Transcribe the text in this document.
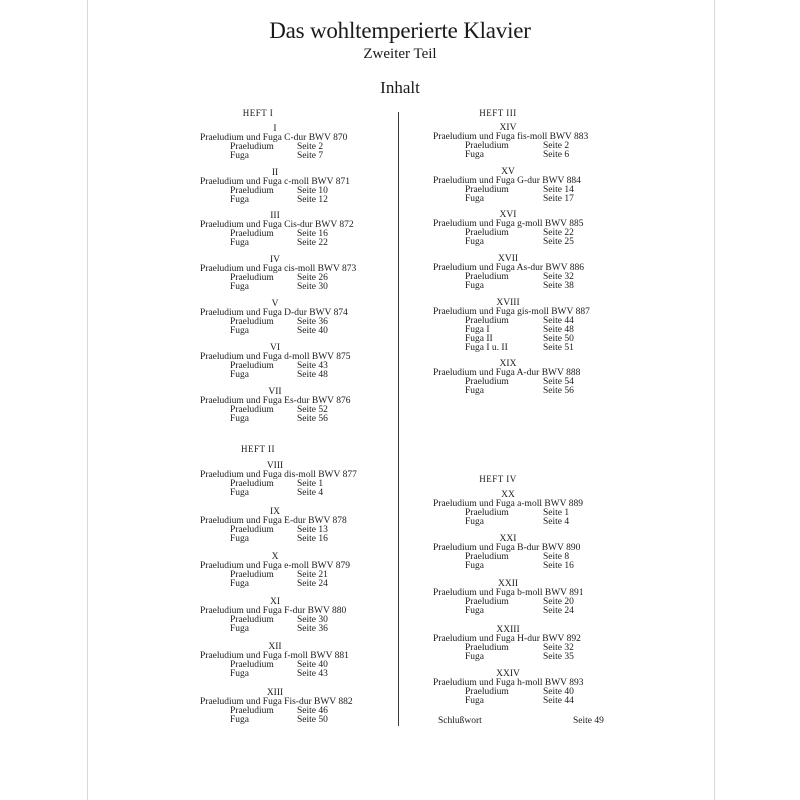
Das wohltemperierte Klavier
Zweiter Teil
Inhalt
HEFT I
I
Praeludium und Fuga C-dur BWV 870
Praeludium Seite 2
Fuga	Seite 7
II
Praeludium und Fuga c-moll BWV 871
Praeludium Seite 10
Fuga	Seite 12
III
Praeludium und Fuga Cis-dur BWV 872
Praeludium Seite 16
Fuga	Seite 22
IV
Praeludium und Fuga cis-moll BWV 873
Praeludium Seite 26
Fuga	Seite 30
V
Praeludium und Fuga D-dur BWV 874
Praeludium Seite 36
Fuga	Seite 40
VI
Praeludium und Fuga d-moll BWV 875
Praeludium Seite 43
Fuga	Seite 48
VII
Praeludium und Fuga Es-dur BWV 876
Praeludium Seite 52
Fuga	Seite 56
HEFT II
VIII
Praeludium und Fuga dis-moll BWV 877
Praeludium Seite 1
Fuga	Seite 4
IX
Praeludium und Fuga E-dur BWV 878
Praeludium Seite 13
Fuga	Seite 16
X
Praeludium und Fuga e-moll BWV 879
Praeludium Seite 21
Fuga	Seite 24
XI
Praeludium und Fuga F-dur BWV 880
Praeludium Seite 30
Fuga	Seite 36
XII
Praeludium und Fuga f-moll BWV 881
Praeludium Seite 40
Fuga	Seite 43
XIII
Praeludium und Fuga Fis-dur BWV 882
Praeludium Seite 46
Fuga	Seite 50
HEFT III
XIV
Praeludium und Fuga fis-moll BWV 883
Praeludium	Seite 2
Fuga	Seite 6
XV
Praeludium und Fuga G-dur BWV 884
Praeludium	Seite 14
Fuga	Seite 17
XVI
Praeludium und Fuga g-moll BWV 885
Praeludium	Seite 22
Fuga	Seite 25
XVII
Praeludium und Fuga As-dur BWV 886
Praeludium	Seite 32
Fuga	Seite 38
XVIII
Praeludium und Fuga gis-moll BWV 887
Praeludium	Seite 44
Fuga I	Seite 48
Fuga II	Seite 50
Fuga I u. II	Seite 51
XIX
Praeludium und Fuga A-dur BWV 888
Praeludium	Seite 54
Fuga	Seite 56
HEFT IV
XX
Praeludium und Fuga a-moll BWV 889
Praeludium	Seite 1
Fuga	Seite 4
XXI
Praeludium und Fuga B-dur BWV 890
Praeludium	Seite 8
Fuga	Seite 16
XXII
Praeludium und Fuga b-moll BWV 891
Praeludium	Seite 20
Fuga	Seite 24
XXIII
Praeludium und Fuga H-dur BWV 892
Praeludium	Seite 32
Fuga	Seite 35
XXIV
Praeludium und Fuga h-moll BWV 893
Praeludium	Seite 40
Fuga	Seite 44
Schlußwort	Seite 49
